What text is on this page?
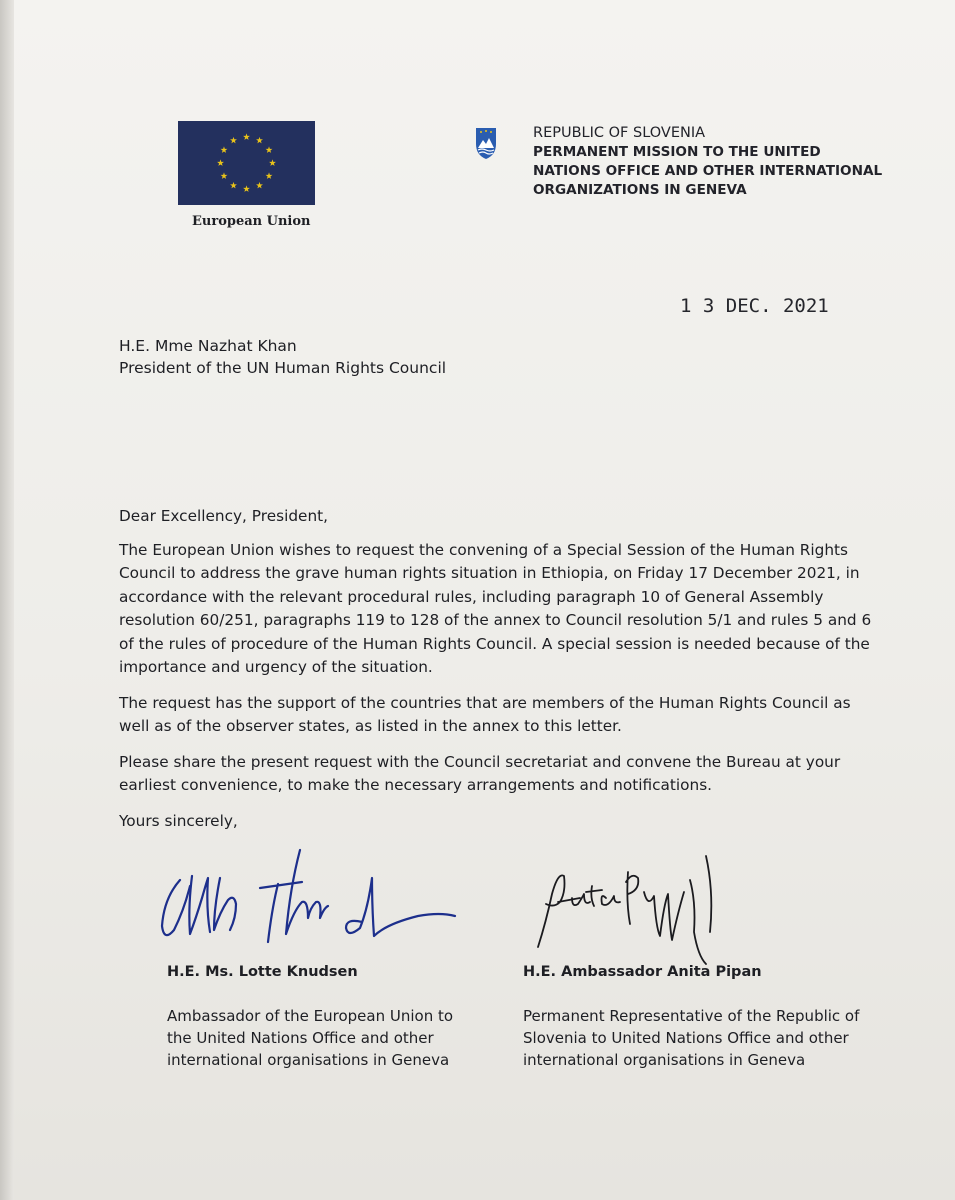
European Union
REPUBLIC OF SLOVENIA
PERMANENT MISSION TO THE UNITED
NATIONS OFFICE AND OTHER INTERNATIONAL
ORGANIZATIONS IN GENEVA
1 3 DEC. 2021
H.E. Mme Nazhat Khan
President of the UN Human Rights Council

Dear Excellency, President,

The European Union wishes to request the convening of a Special Session of the Human Rights Council to address the grave human rights situation in Ethiopia, on Friday 17 December 2021, in accordance with the relevant procedural rules, including paragraph 10 of General Assembly resolution 60/251, paragraphs 119 to 128 of the annex to Council resolution 5/1 and rules 5 and 6 of the rules of procedure of the Human Rights Council. A special session is needed because of the importance and urgency of the situation.

The request has the support of the countries that are members of the Human Rights Council as well as of the observer states, as listed in the annex to this letter.

Please share the present request with the Council secretariat and convene the Bureau at your earliest convenience, to make the necessary arrangements and notifications.

Yours sincerely,

H.E. Ms. Lotte Knudsen
Ambassador of the European Union to
the United Nations Office and other
international organisations in Geneva
H.E. Ambassador Anita Pipan
Permanent Representative of the Republic of
Slovenia to United Nations Office and other
international organisations in Geneva
